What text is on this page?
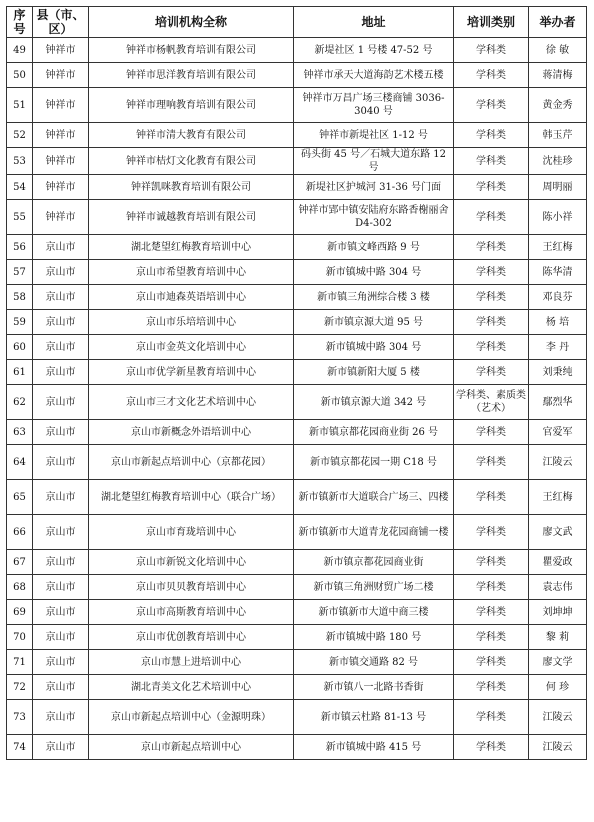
序号	县（市、区）	培训机构全称	地址	培训类别	举办者
49	钟祥市	钟祥市杨帆教育培训有限公司	新堤社区 1 号楼 47-52 号	学科类	徐 敏
50	钟祥市	钟祥市思洋教育培训有限公司	钟祥市承天大道海韵艺术楼五楼	学科类	蒋清梅
51	钟祥市	钟祥市理响教育培训有限公司	钟祥市万昌广场三楼商铺 3036-3040 号	学科类	黄金秀
52	钟祥市	钟祥市清大教育有限公司	钟祥市新堤社区 1-12 号	学科类	韩玉芹
53	钟祥市	钟祥市桔灯文化教育有限公司	码头街 45 号／石城大道东路 12 号	学科类	沈桂珍
54	钟祥市	钟祥凯咪教育培训有限公司	新堤社区护城河 31-36 号门面	学科类	周明丽
55	钟祥市	钟祥市诚越教育培训有限公司	钟祥市郢中镇安陆府东路香榭丽舍 D4-302	学科类	陈小祥
56	京山市	湖北楚望红梅教育培训中心	新市镇文峰西路 9 号	学科类	王红梅
57	京山市	京山市希望教育培训中心	新市镇城中路 304 号	学科类	陈华清
58	京山市	京山市迪森英语培训中心	新市镇三角洲综合楼 3 楼	学科类	邓良芬
59	京山市	京山市乐培培训中心	新市镇京源大道 95 号	学科类	杨 培
60	京山市	京山市金英文化培训中心	新市镇城中路 304 号	学科类	李 丹
61	京山市	京山市优学新星教育培训中心	新市镇新阳大厦 5 楼	学科类	刘秉纯
62	京山市	京山市三才文化艺术培训中心	新市镇京源大道 342 号	学科类、素质类（艺术）	鄢烈华
63	京山市	京山市新概念外语培训中心	新市镇京都花园商业街 26 号	学科类	官爱军
64	京山市	京山市新起点培训中心（京都花园）	新市镇京都花园一期 C18 号	学科类	江陵云
65	京山市	湖北楚望红梅教育培训中心（联合广场）	新市镇新市大道联合广场三、四楼	学科类	王红梅
66	京山市	京山市育珑培训中心	新市镇新市大道青龙花园商铺一楼	学科类	廖文武
67	京山市	京山市新锐文化培训中心	新市镇京都花园商业街	学科类	瞿爱政
68	京山市	京山市贝贝教育培训中心	新市镇三角洲财贸广场二楼	学科类	袁志伟
69	京山市	京山市高斯教育培训中心	新市镇新市大道中商三楼	学科类	刘坤坤
70	京山市	京山市优创教育培训中心	新市镇城中路 180 号	学科类	黎 莉
71	京山市	京山市慧上进培训中心	新市镇交通路 82 号	学科类	廖文学
72	京山市	湖北青美文化艺术培训中心	新市镇八一北路书香街	学科类	何 珍
73	京山市	京山市新起点培训中心（金源明珠）	新市镇云杜路 81-13 号	学科类	江陵云
74	京山市	京山市新起点培训中心	新市镇城中路 415 号	学科类	江陵云
